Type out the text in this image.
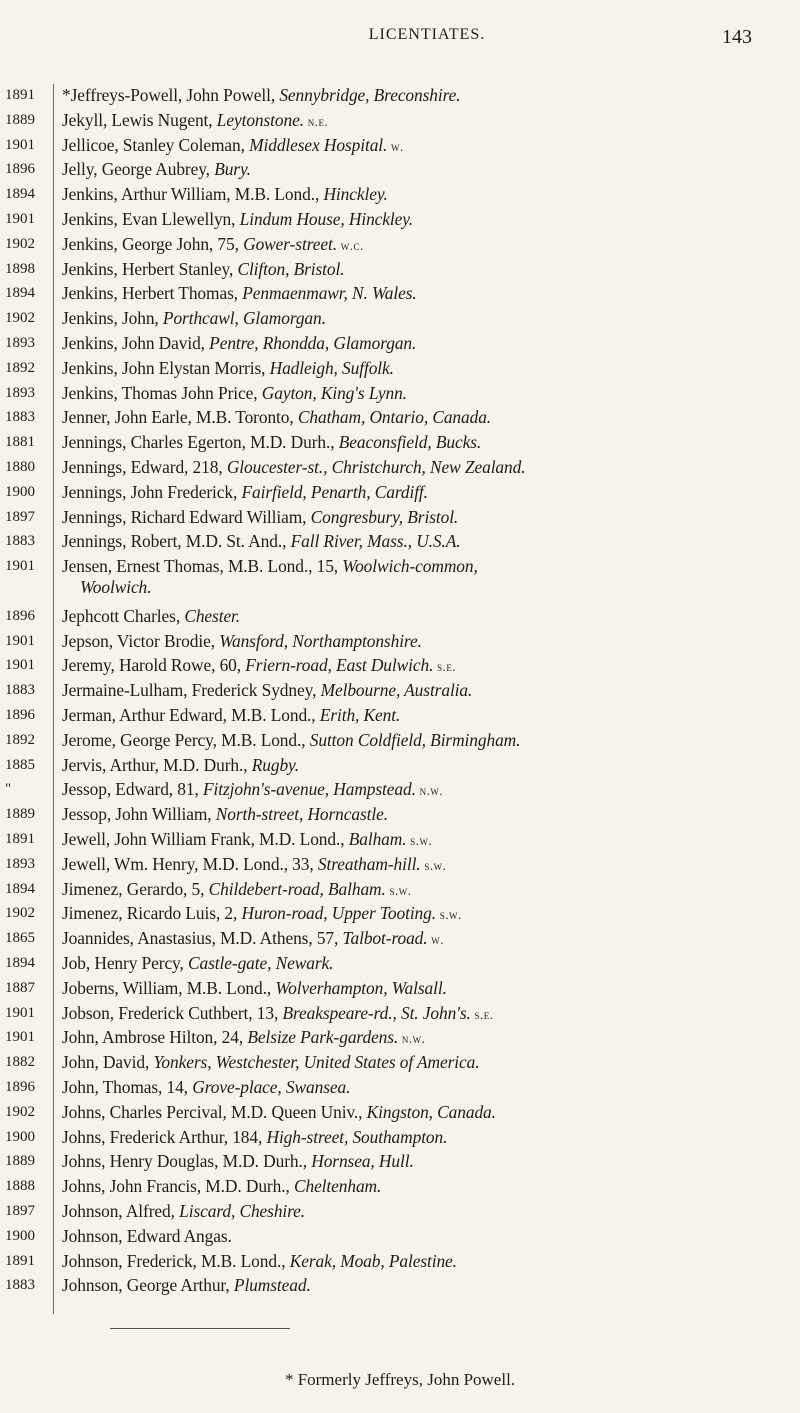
LICENTIATES.	143
1891
1889
1901
1896
1894
1901
1902
1898
1894
1902
1893
1892
1893
1883
1881
1880
1900
1897
1883
1901
1896
1901
1901
1883
1896
1892
1885
"
1889
1891
1893
1894
1902
1865
1894
1887
1901
1901
1882
1896
1902
1900
1889
1888
1897
1900
1891
1883
*Jeffreys-Powell, John Powell, Sennybridge, Breconshire.
Jekyll, Lewis Nugent, Leytonstone. n.e.
Jellicoe, Stanley Coleman, Middlesex Hospital. w.
Jelly, George Aubrey, Bury.
Jenkins, Arthur William, M.B. Lond., Hinckley.
Jenkins, Evan Llewellyn, Lindum House, Hinckley.
Jenkins, George John, 75, Gower-street. w.c.
Jenkins, Herbert Stanley, Clifton, Bristol.
Jenkins, Herbert Thomas, Penmaenmawr, N. Wales.
Jenkins, John, Porthcawl, Glamorgan.
Jenkins, John David, Pentre, Rhondda, Glamorgan.
Jenkins, John Elystan Morris, Hadleigh, Suffolk.
Jenkins, Thomas John Price, Gayton, King's Lynn.
Jenner, John Earle, M.B. Toronto, Chatham, Ontario, Canada.
Jennings, Charles Egerton, M.D. Durh., Beaconsfield, Bucks.
Jennings, Edward, 218, Gloucester-st., Christchurch, New Zealand.
Jennings, John Frederick, Fairfield, Penarth, Cardiff.
Jennings, Richard Edward William, Congresbury, Bristol.
Jennings, Robert, M.D. St. And., Fall River, Mass., U.S.A.
Jensen, Ernest Thomas, M.B. Lond., 15, Woolwich-common,
Woolwich.
Jephcott Charles, Chester.
Jepson, Victor Brodie, Wansford, Northamptonshire.
Jeremy, Harold Rowe, 60, Friern-road, East Dulwich. s.e.
Jermaine-Lulham, Frederick Sydney, Melbourne, Australia.
Jerman, Arthur Edward, M.B. Lond., Erith, Kent.
Jerome, George Percy, M.B. Lond., Sutton Coldfield, Birmingham.
Jervis, Arthur, M.D. Durh., Rugby.
Jessop, Edward, 81, Fitzjohn's-avenue, Hampstead. n.w.
Jessop, John William, North-street, Horncastle.
Jewell, John William Frank, M.D. Lond., Balham. s.w.
Jewell, Wm. Henry, M.D. Lond., 33, Streatham-hill. s.w.
Jimenez, Gerardo, 5, Childebert-road, Balham. s.w.
Jimenez, Ricardo Luis, 2, Huron-road, Upper Tooting. s.w.
Joannides, Anastasius, M.D. Athens, 57, Talbot-road. w.
Job, Henry Percy, Castle-gate, Newark.
Joberns, William, M.B. Lond., Wolverhampton, Walsall.
Jobson, Frederick Cuthbert, 13, Breakspeare-rd., St. John's. s.e.
John, Ambrose Hilton, 24, Belsize Park-gardens. n.w.
John, David, Yonkers, Westchester, United States of America.
John, Thomas, 14, Grove-place, Swansea.
Johns, Charles Percival, M.D. Queen Univ., Kingston, Canada.
Johns, Frederick Arthur, 184, High-street, Southampton.
Johns, Henry Douglas, M.D. Durh., Hornsea, Hull.
Johns, John Francis, M.D. Durh., Cheltenham.
Johnson, Alfred, Liscard, Cheshire.
Johnson, Edward Angas.
Johnson, Frederick, M.B. Lond., Kerak, Moab, Palestine.
Johnson, George Arthur, Plumstead.
* Formerly Jeffreys, John Powell.
